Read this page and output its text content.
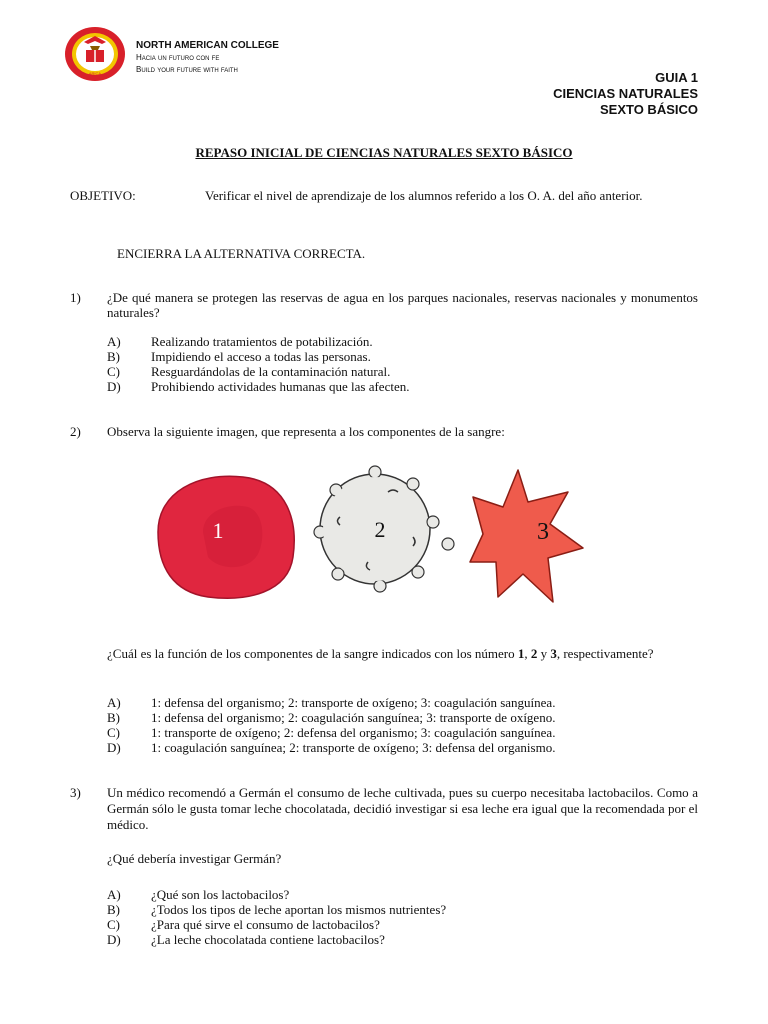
ARICA
NORTH AMERICAN COLLEGE
Hacia un futuro con fe
Build your future with faith
GUIA 1
CIENCIAS NATURALES
SEXTO BÁSICO
REPASO INICIAL DE CIENCIAS NATURALES SEXTO BÁSICO
OBJETIVO:	Verificar el nivel de aprendizaje de los alumnos referido a los O. A. del año anterior.
ENCIERRA LA ALTERNATIVA CORRECTA.
1) ¿De qué manera se protegen las reservas de agua en los parques nacionales, reservas nacionales y monumentos naturales?
A) Realizando tratamientos de potabilización.
B) Impidiendo el acceso a todas las personas.
C) Resguardándolas de la contaminación natural.
D) Prohibiendo actividades humanas que las afecten.
2) Observa la siguiente imagen, que representa a los componentes de la sangre:
1	2	3
¿Cuál es la función de los componentes de la sangre indicados con los número 1, 2 y 3, respectivamente?
A) 1: defensa del organismo; 2: transporte de oxígeno; 3: coagulación sanguínea.
B) 1: defensa del organismo; 2: coagulación sanguínea; 3: transporte de oxígeno.
C) 1: transporte de oxígeno; 2: defensa del organismo; 3: coagulación sanguínea.
D) 1: coagulación sanguínea; 2: transporte de oxígeno; 3: defensa del organismo.
3) Un médico recomendó a Germán el consumo de leche cultivada, pues su cuerpo necesitaba lactobacilos. Como a Germán sólo le gusta tomar leche chocolatada, decidió investigar si esa leche era igual que la recomendada por el médico.
¿Qué debería investigar Germán?
A) ¿Qué son los lactobacilos?
B) ¿Todos los tipos de leche aportan los mismos nutrientes?
C) ¿Para qué sirve el consumo de lactobacilos?
D) ¿La leche chocolatada contiene lactobacilos?
